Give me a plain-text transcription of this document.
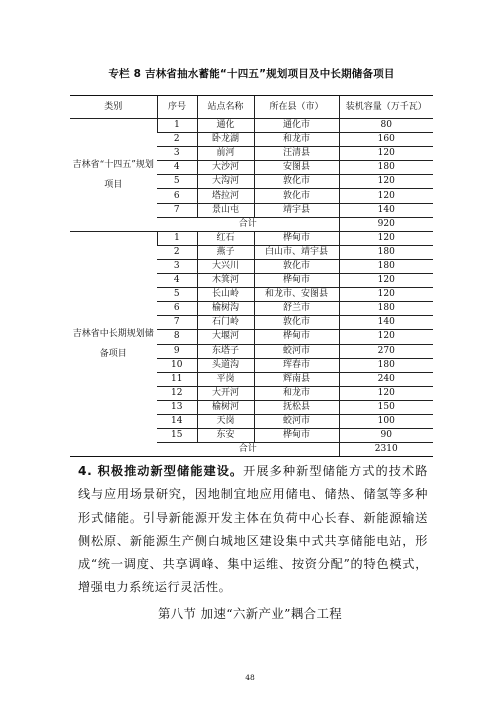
专栏 8 吉林省抽水蓄能“十四五”规划项目及中长期储备项目
类别	序号	站点名称	所在县（市）	装机容量（万千瓦）
吉林省“十四五”规划项目	1	通化	通化市	80
	2	卧龙湖	和龙市	160
	3	前河	汪清县	120
	4	大沙河	安图县	180
	5	大沟河	敦化市	120
	6	塔拉河	敦化市	120
	7	景山屯	靖宇县	140
	合计			920
吉林省中长期规划储备项目	1	红石	桦甸市	120
	2	燕子	白山市、靖宇县	180
	3	大兴川	敦化市	180
	4	木箕河	桦甸市	120
	5	长山岭	和龙市、安图县	120
	6	榆树沟	舒兰市	180
	7	石门岭	敦化市	140
	8	大堰河	桦甸市	120
	9	东塔子	蛟河市	270
	10	头道沟	珲春市	180
	11	平岗	辉南县	240
	12	大开河	和龙市	120
	13	榆树河	抚松县	150
	14	天岗	蛟河市	100
	15	东安	桦甸市	90
	合计			2310
4. 积极推动新型储能建设。开展多种新型储能方式的技术路线与应用场景研究，因地制宜地应用储电、储热、储氢等多种形式储能。引导新能源开发主体在负荷中心长春、新能源输送侧松原、新能源生产侧白城地区建设集中式共享储能电站，形成“统一调度、共享调峰、集中运维、按资分配”的特色模式，增强电力系统运行灵活性。
第八节 加速“六新产业”耦合工程
48
